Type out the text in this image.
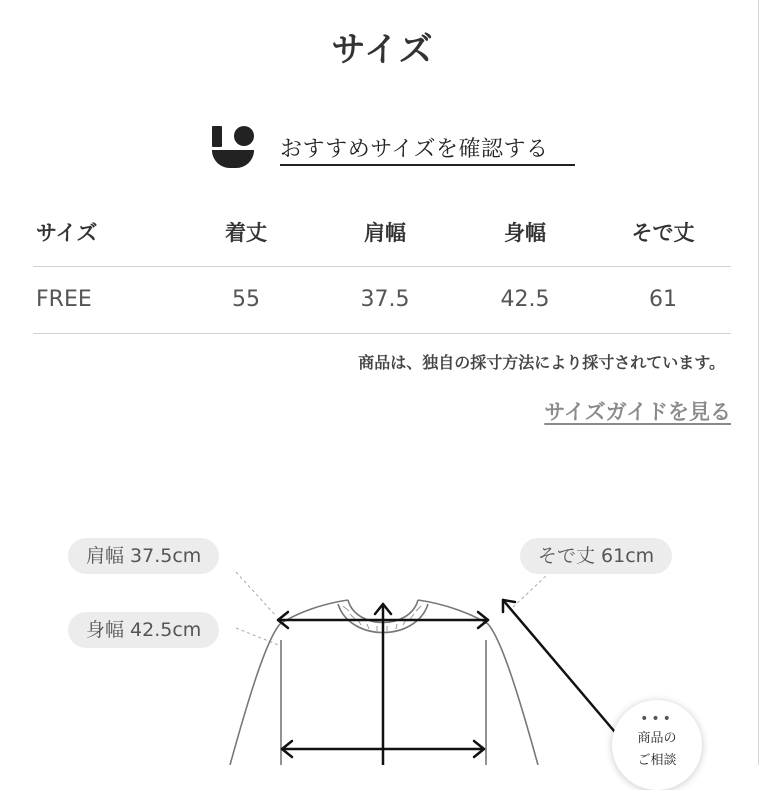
サイズ
おすすめサイズを確認する
サイズ	着丈	肩幅	身幅	そで丈
FREE	55	37.5	42.5	61
商品は、独自の採寸方法により採寸されています。
サイズガイドを見る
肩幅 37.5cm
身幅 42.5cm
そで丈 61cm
•••
商品の
ご相談
